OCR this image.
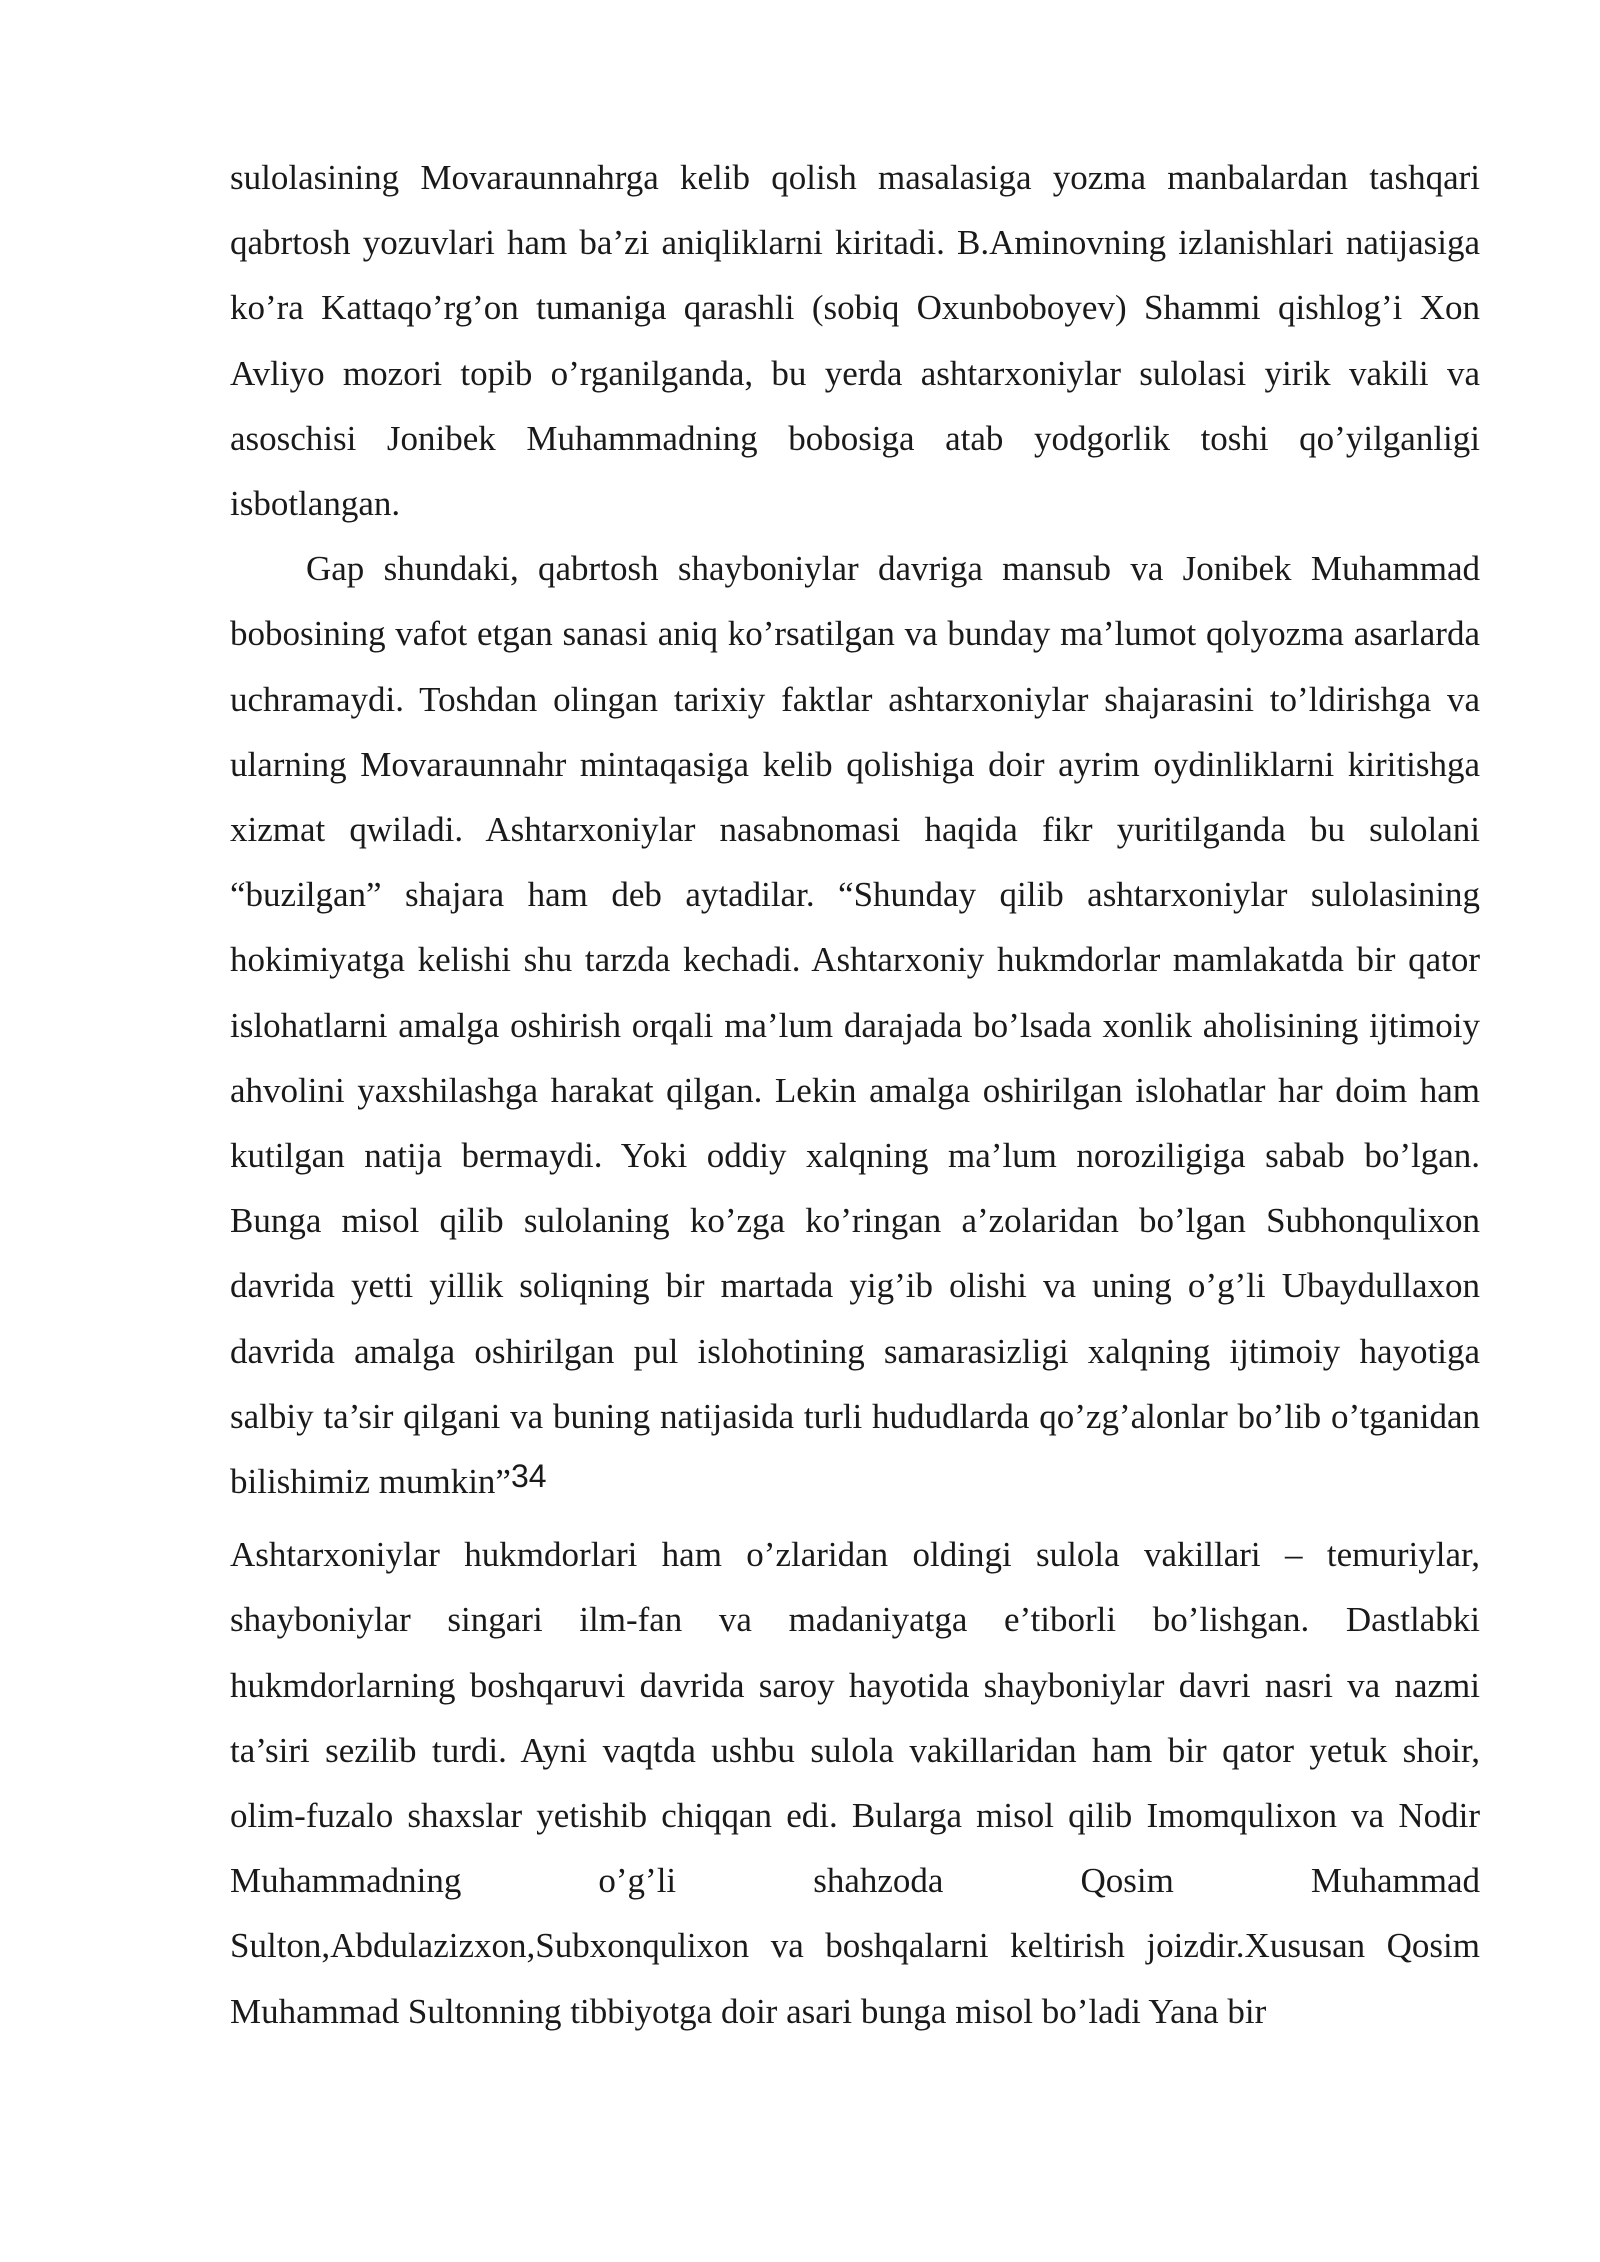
sulolasining Movaraunnahrga kelib qolish masalasiga yozma manbalardan tashqari qabrtosh yozuvlari ham ba’zi aniqliklarni kiritadi. B.Aminovning izlanishlari natijasiga ko’ra Kattaqo’rg’on tumaniga qarashli (sobiq Oxunboboyev) Shammi qishlog’i Xon Avliyo mozori topib o’rganilganda, bu yerda ashtarxoniylar sulolasi yirik vakili va asoschisi Jonibek Muhammadning bobosiga atab yodgorlik toshi qo’yilganligi isbotlangan.

Gap shundaki, qabrtosh shayboniylar davriga mansub va Jonibek Muhammad bobosining vafot etgan sanasi aniq ko’rsatilgan va bunday ma’lumot qolyozma asarlarda uchramaydi. Toshdan olingan tarixiy faktlar ashtarxoniylar shajarasini to’ldirishga va ularning Movaraunnahr mintaqasiga kelib qolishiga doir ayrim oydinliklarni kiritishga xizmat qwiladi. Ashtarxoniylar nasabnomasi haqida fikr yuritilganda bu sulolani “buzilgan” shajara ham deb aytadilar. “Shunday qilib ashtarxoniylar sulolasining hokimiyatga kelishi shu tarzda kechadi. Ashtarxoniy hukmdorlar mamlakatda bir qator islohatlarni amalga oshirish orqali ma’lum darajada bo’lsada xonlik aholisining ijtimoiy ahvolini yaxshilashga harakat qilgan. Lekin amalga oshirilgan islohatlar har doim ham kutilgan natija bermaydi. Yoki oddiy xalqning ma’lum noroziligiga sabab bo’lgan. Bunga misol qilib sulolaning ko’zga ko’ringan a’zolaridan bo’lgan Subhonqulixon davrida yetti yillik soliqning bir martada yig’ib olishi va uning o’g’li Ubaydullaxon davrida amalga oshirilgan pul islohotining samarasizligi xalqning ijtimoiy hayotiga salbiy ta’sir qilgani va buning natijasida turli hududlarda qo’zg’alonlar bo’lib o’tganidan bilishimiz mumkin”34

Ashtarxoniylar hukmdorlari ham o’zlaridan oldingi sulola vakillari – temuriylar, shayboniylar singari ilm-fan va madaniyatga e’tiborli bo’lishgan. Dastlabki hukmdorlarning boshqaruvi davrida saroy hayotida shayboniylar davri nasri va nazmi ta’siri sezilib turdi. Ayni vaqtda ushbu sulola vakillaridan ham bir qator yetuk shoir, olim-fuzalo shaxslar yetishib chiqqan edi. Bularga misol qilib Imomqulixon va Nodir Muhammadning o’g’li shahzoda Qosim Muhammad Sulton,Abdulazizxon,Subxonqulixon va boshqalarni keltirish joizdir.Xususan Qosim Muhammad Sultonning tibbiyotga doir asari bunga misol bo’ladi Yana bir
